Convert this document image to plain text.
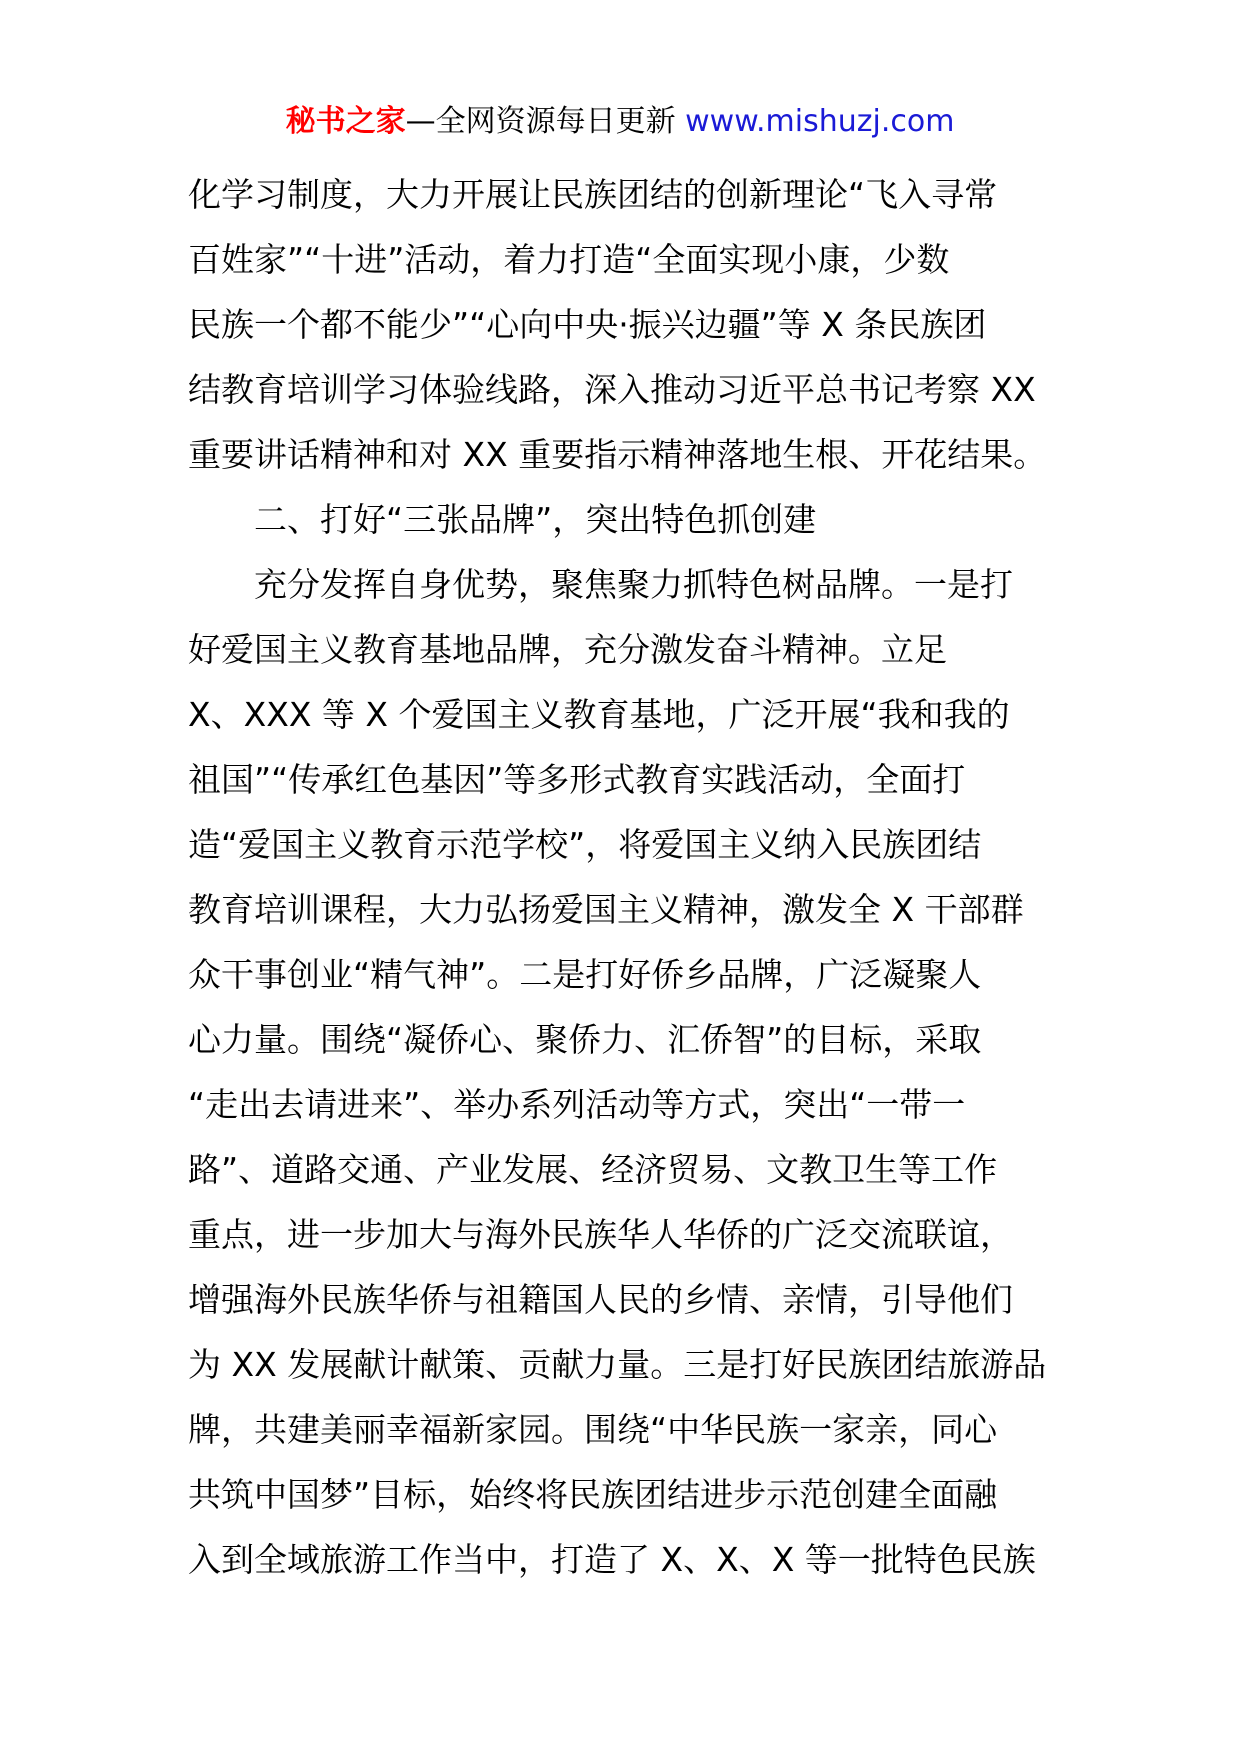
秘书之家—全网资源每日更新 www.mishuzj.com
化学习制度，大力开展让民族团结的创新理论“飞入寻常
百姓家”“十进”活动，着力打造“全面实现小康，少数
民族一个都不能少”“心向中央·振兴边疆”等 X 条民族团
结教育培训学习体验线路，深入推动习近平总书记考察 XX
重要讲话精神和对 XX 重要指示精神落地生根、开花结果。
二、打好“三张品牌”，突出特色抓创建
充分发挥自身优势，聚焦聚力抓特色树品牌。一是打
好爱国主义教育基地品牌，充分激发奋斗精神。立足
X、XXX 等 X 个爱国主义教育基地，广泛开展“我和我的
祖国”“传承红色基因”等多形式教育实践活动，全面打
造“爱国主义教育示范学校”，将爱国主义纳入民族团结
教育培训课程，大力弘扬爱国主义精神，激发全 X 干部群
众干事创业“精气神”。二是打好侨乡品牌，广泛凝聚人
心力量。围绕“凝侨心、聚侨力、汇侨智”的目标，采取
“走出去请进来”、举办系列活动等方式，突出“一带一
路”、道路交通、产业发展、经济贸易、文教卫生等工作
重点，进一步加大与海外民族华人华侨的广泛交流联谊，
增强海外民族华侨与祖籍国人民的乡情、亲情，引导他们
为 XX 发展献计献策、贡献力量。三是打好民族团结旅游品
牌，共建美丽幸福新家园。围绕“中华民族一家亲，同心
共筑中国梦”目标，始终将民族团结进步示范创建全面融
入到全域旅游工作当中，打造了 X、X、X 等一批特色民族
